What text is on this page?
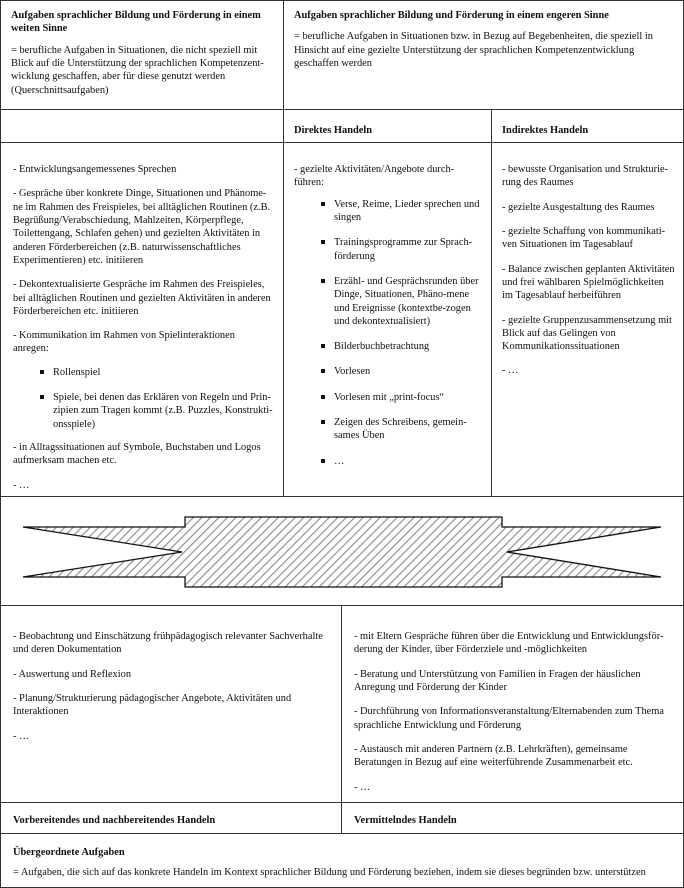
Aufgaben sprachlicher Bildung und Förderung in einem weiten Sinne
= berufliche Aufgaben in Situationen, die nicht speziell mit Blick auf die Unterstützung der sprachlichen Kompetenzent-wicklung geschaffen, aber für diese genutzt werden (Querschnittsaufgaben)
Aufgaben sprachlicher Bildung und Förderung in einem engeren Sinne
= berufliche Aufgaben in Situationen bzw. in Bezug auf Begebenheiten, die speziell in Hinsicht auf eine gezielte Unterstützung der sprachlichen Kompetenzentwicklung geschaffen werden
Direktes Handeln	Indirektes Handeln

- Entwicklungsangemessenes Sprechen

- Gespräche über konkrete Dinge, Situationen und Phänome-ne im Rahmen des Freispieles, bei alltäglichen Routinen (z.B. Begrüßung/Verabschiedung, Mahlzeiten, Körperpflege, Toilettengang, Schlafen gehen) und gezielten Aktivitäten in anderen Förderbereichen (z.B. naturwissenschaftliches Experimentieren) etc. initiieren

- Dekontextualisierte Gespräche im Rahmen des Freispieles, bei alltäglichen Routinen und gezielten Aktivitäten in anderen Förderbereichen etc. initiieren

- Kommunikation im Rahmen von Spielinteraktionen anregen:

Rollenspiel
Spiele, bei denen das Erklären von Regeln und Prin-zipien zum Tragen kommt (z.B. Puzzles, Konstrukti-onsspiele)

- in Alltagssituationen auf Symbole, Buchstaben und Logos aufmerksam machen etc.

- …

- gezielte Aktivitäten/Angebote durch-führen:

Verse, Reime, Lieder sprechen und singen
Trainingsprogramme zur Sprach-förderung
Erzähl- und Gesprächsrunden über Dinge, Situationen, Phäno-mene und Ereignisse (kontextbe-zogen und dekontextualisiert)
Bilderbuchbetrachtung
Vorlesen
Vorlesen mit „print-focus“
Zeigen des Schreibens, gemein-sames Üben
…

- bewusste Organisation und Strukturie-rung des Raumes

- gezielte Ausgestaltung des Raumes

- gezielte Schaffung von kommunikati-ven Situationen im Tagesablauf

- Balance zwischen geplanten Aktivitäten und frei wählbaren Spielmöglichkeiten im Tagesablauf herbeiführen

- gezielte Gruppenzusammensetzung mit Blick auf das Gelingen von Kommunikationssituationen

- …

- Beobachtung und Einschätzung frühpädagogisch relevanter Sachverhalte und deren Dokumentation

- Auswertung und Reflexion

- Planung/Strukturierung pädagogischer Angebote, Aktivitäten und Interaktionen

- …

- mit Eltern Gespräche führen über die Entwicklung und Entwicklungsför-derung der Kinder, über Förderziele und -möglichkeiten

- Beratung und Unterstützung von Familien in Fragen der häuslichen Anregung und Förderung der Kinder

- Durchführung von Informationsveranstaltung/Elternabenden zum Thema sprachliche Entwicklung und Förderung

- Austausch mit anderen Partnern (z.B. Lehrkräften), gemeinsame Beratungen in Bezug auf eine weiterführende Zusammenarbeit etc.

- …

Vorbereitendes und nachbereitendes Handeln	Vermittelndes Handeln
Übergeordnete Aufgaben
= Aufgaben, die sich auf das konkrete Handeln im Kontext sprachlicher Bildung und Förderung beziehen, indem sie dieses begründen bzw. unterstützen
